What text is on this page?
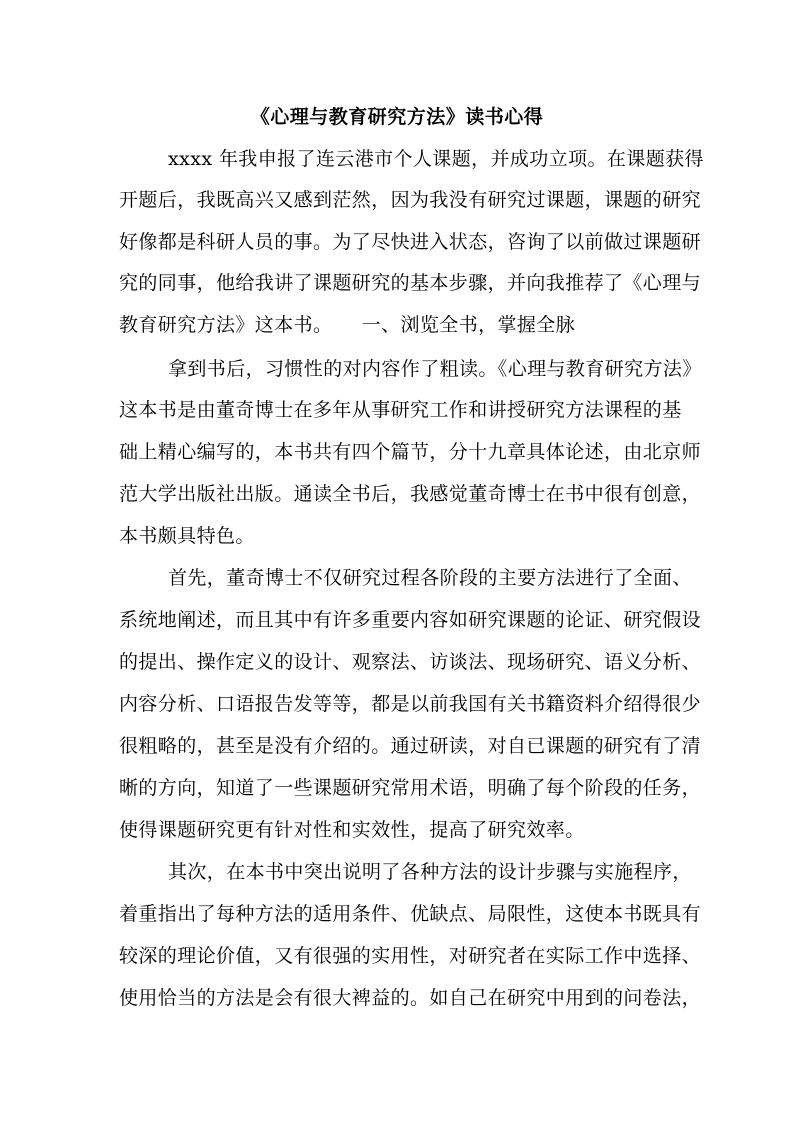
《心理与教育研究方法》读书心得
xxxx 年我申报了连云港市个人课题，并成功立项。在课题获得
开题后，我既高兴又感到茫然，因为我没有研究过课题，课题的研究
好像都是科研人员的事。为了尽快进入状态，咨询了以前做过课题研
究的同事，他给我讲了课题研究的基本步骤，并向我推荐了《心理与
教育研究方法》这本书。　　一、浏览全书，掌握全脉
拿到书后，习惯性的对内容作了粗读。《心理与教育研究方法》
这本书是由董奇博士在多年从事研究工作和讲授研究方法课程的基
础上精心编写的，本书共有四个篇节，分十九章具体论述，由北京师
范大学出版社出版。通读全书后，我感觉董奇博士在书中很有创意，
本书颇具特色。
首先，董奇博士不仅研究过程各阶段的主要方法进行了全面、
系统地阐述，而且其中有许多重要内容如研究课题的论证、研究假设
的提出、操作定义的设计、观察法、访谈法、现场研究、语义分析、
内容分析、口语报告发等等，都是以前我国有关书籍资料介绍得很少
很粗略的，甚至是没有介绍的。通过研读，对自已课题的研究有了清
晰的方向，知道了一些课题研究常用术语，明确了每个阶段的任务，
使得课题研究更有针对性和实效性，提高了研究效率。
其次，在本书中突出说明了各种方法的设计步骤与实施程序，
着重指出了每种方法的适用条件、优缺点、局限性，这使本书既具有
较深的理论价值，又有很强的实用性，对研究者在实际工作中选择、
使用恰当的方法是会有很大裨益的。如自己在研究中用到的问卷法，
